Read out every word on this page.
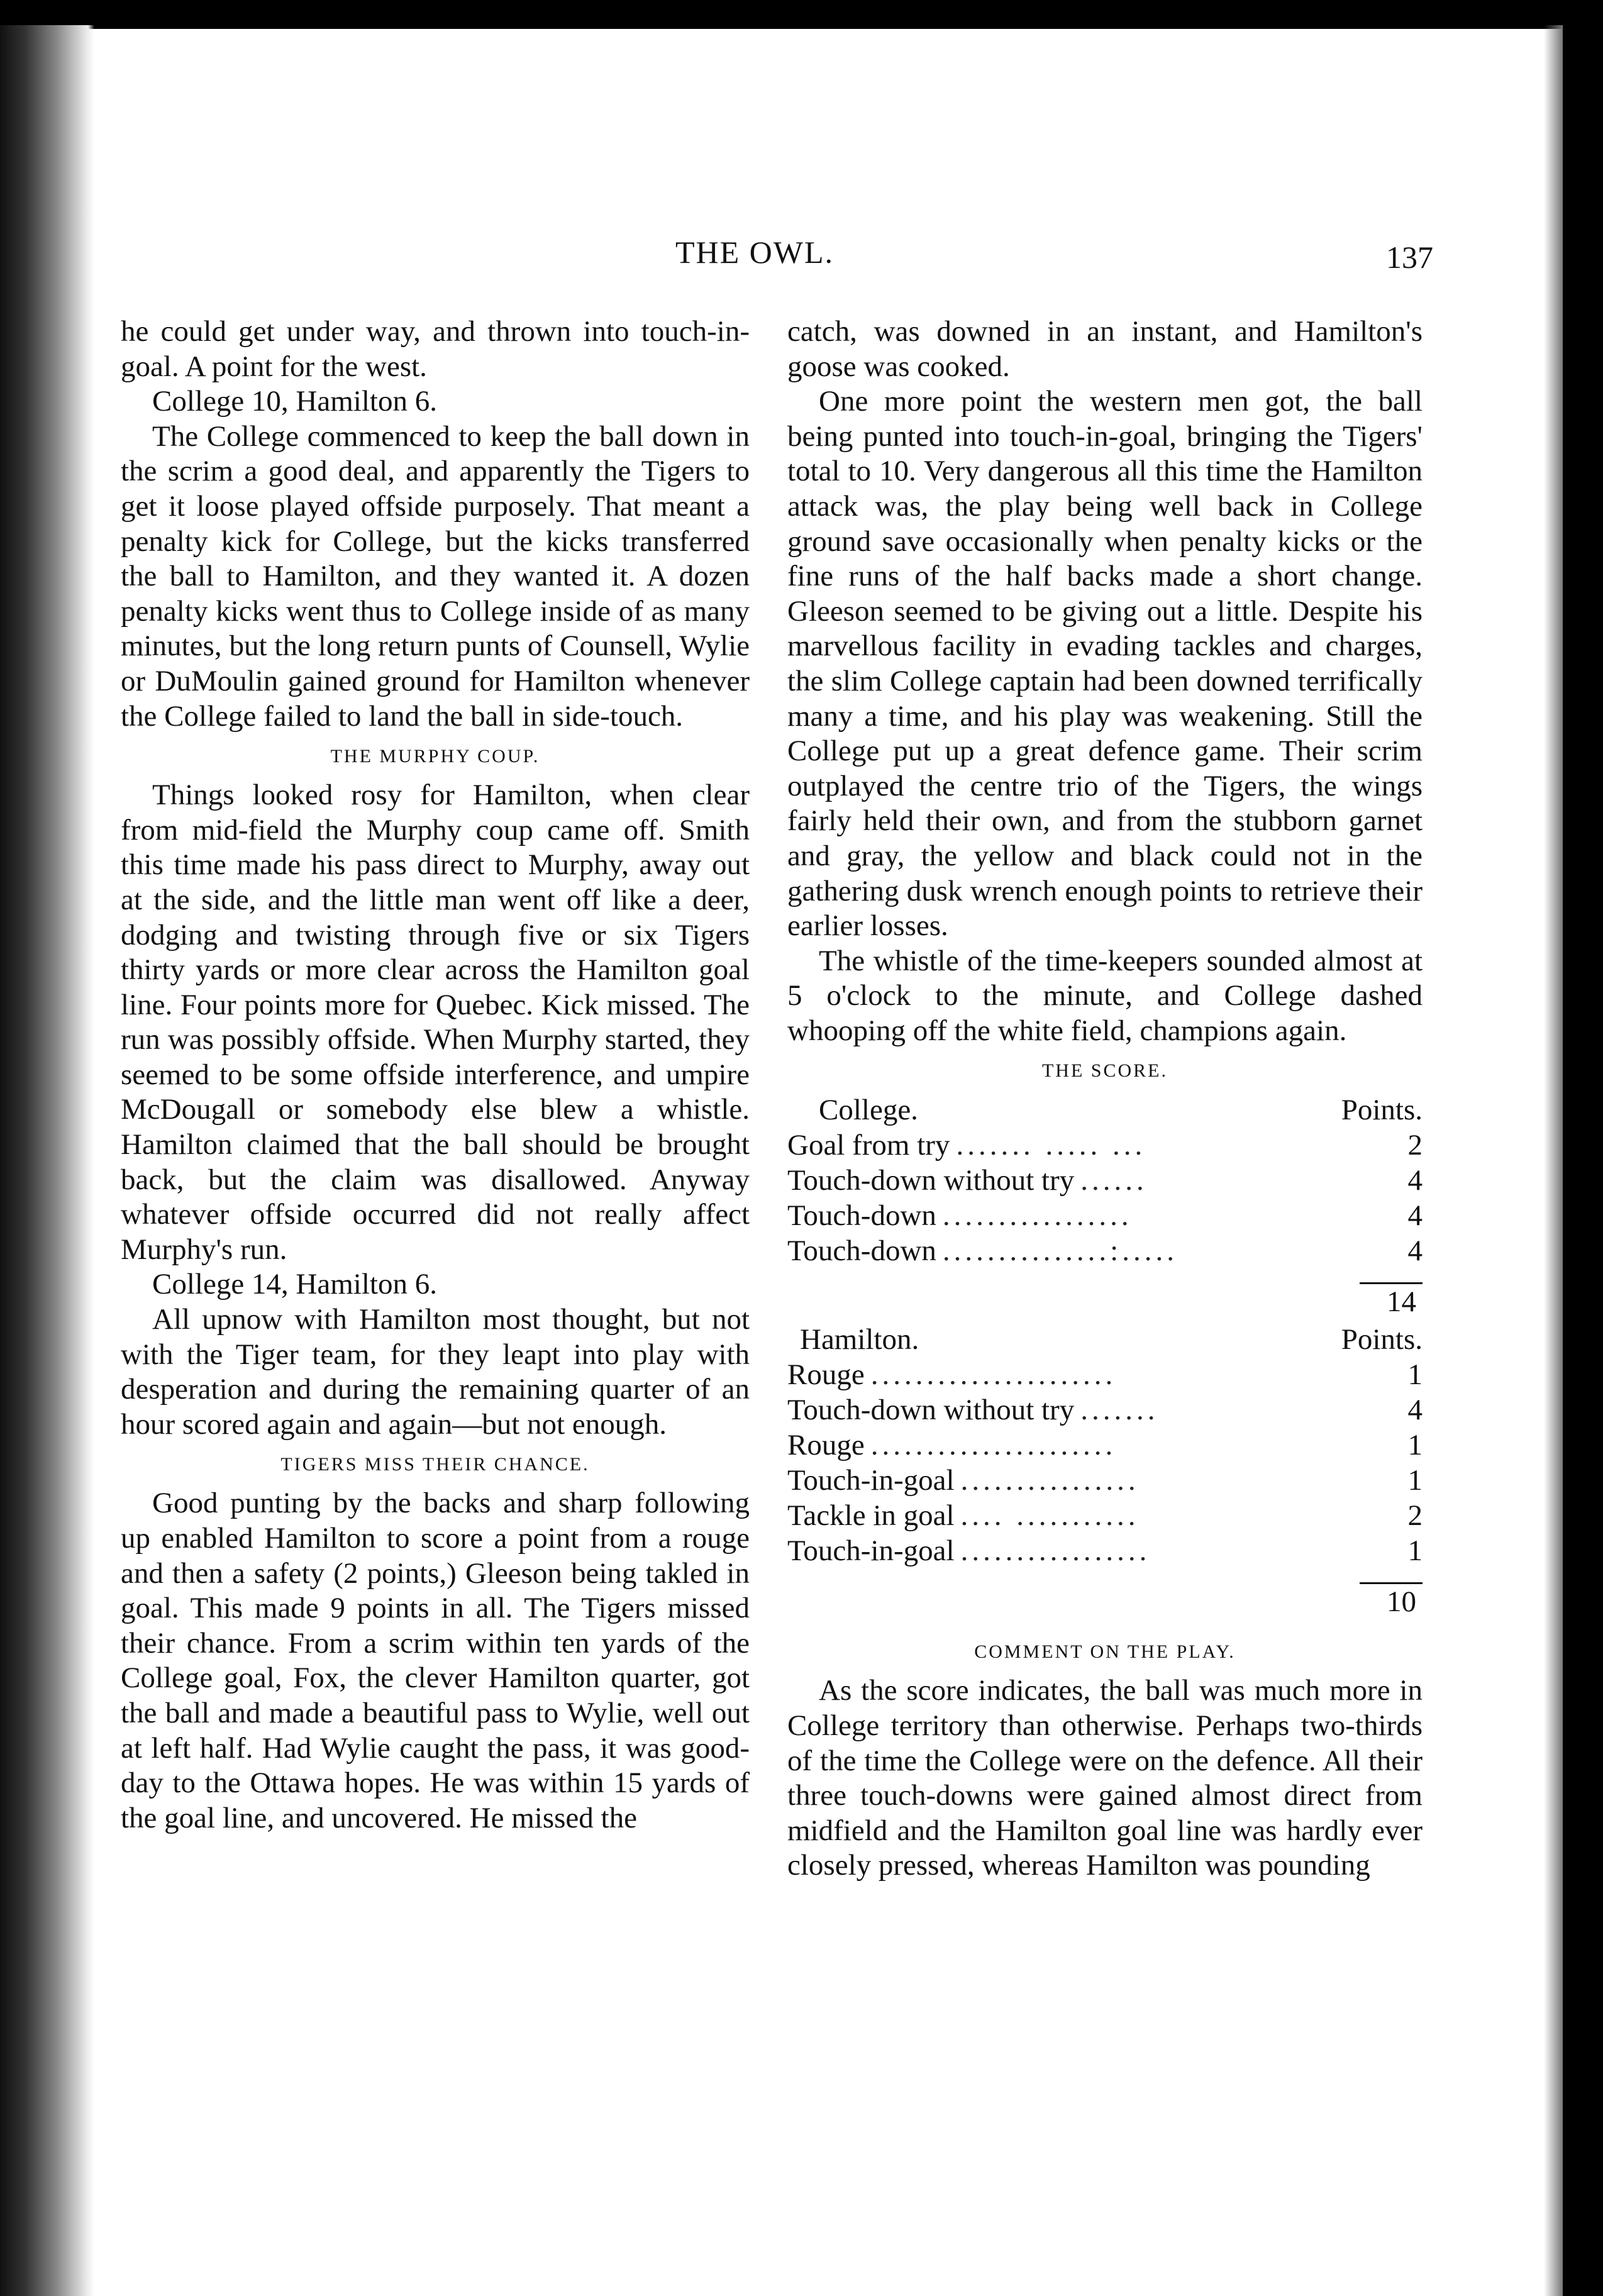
THE OWL.	137

he could get under way, and thrown into touch-in-goal. A point for the west.

College 10, Hamilton 6.

The College commenced to keep the ball down in the scrim a good deal, and apparently the Tigers to get it loose played offside purposely. That meant a penalty kick for College, but the kicks transferred the ball to Hamilton, and they wanted it. A dozen penalty kicks went thus to College inside of as many minutes, but the long return punts of Counsell, Wylie or DuMoulin gained ground for Hamilton whenever the College failed to land the ball in side-touch.

THE MURPHY COUP.

Things looked rosy for Hamilton, when clear from mid-field the Murphy coup came off. Smith this time made his pass direct to Murphy, away out at the side, and the little man went off like a deer, dodging and twisting through five or six Tigers thirty yards or more clear across the Hamilton goal line. Four points more for Quebec. Kick missed. The run was possibly offside. When Murphy started, they seemed to be some offside interference, and umpire McDougall or somebody else blew a whistle. Hamilton claimed that the ball should be brought back, but the claim was disallowed. Anyway whatever offside occurred did not really affect Murphy's run.

College 14, Hamilton 6.

All upnow with Hamilton most thought, but not with the Tiger team, for they leapt into play with desperation and during the remaining quarter of an hour scored again and again—but not enough.

TIGERS MISS THEIR CHANCE.

Good punting by the backs and sharp following up enabled Hamilton to score a point from a rouge and then a safety (2 points,) Gleeson being takled in goal. This made 9 points in all. The Tigers missed their chance. From a scrim within ten yards of the College goal, Fox, the clever Hamilton quarter, got the ball and made a beautiful pass to Wylie, well out at left half. Had Wylie caught the pass, it was good-day to the Ottawa hopes. He was within 15 yards of the goal line, and uncovered. He missed the

catch, was downed in an instant, and Hamilton's goose was cooked.

One more point the western men got, the ball being punted into touch-in-goal, bringing the Tigers' total to 10. Very dangerous all this time the Hamilton attack was, the play being well back in College ground save occasionally when penalty kicks or the fine runs of the half backs made a short change. Gleeson seemed to be giving out a little. Despite his marvellous facility in evading tackles and charges, the slim College captain had been downed terrifically many a time, and his play was weakening. Still the College put up a great defence game. Their scrim outplayed the centre trio of the Tigers, the wings fairly held their own, and from the stubborn garnet and gray, the yellow and black could not in the gathering dusk wrench enough points to retrieve their earlier losses.

The whistle of the time-keepers sounded almost at 5 o'clock to the minute, and College dashed whooping off the white field, champions again.

THE SCORE.
College.	Points.
Goal from try ....... ..... ...	2
Touch-down without try ......	4
Touch-down .................	4
Touch-down ...............:.....	4
14
Hamilton.	Points.
Rouge ......................	1
Touch-down without try .......	4
Rouge ......................	1
Touch-in-goal ................	1
Tackle in goal .... ...........	2
Touch-in-goal .................	1
10
COMMENT ON THE PLAY.

As the score indicates, the ball was much more in College territory than otherwise. Perhaps two-thirds of the time the College were on the defence. All their three touch-downs were gained almost direct from midfield and the Hamilton goal line was hardly ever closely pressed, whereas Hamilton was pounding
